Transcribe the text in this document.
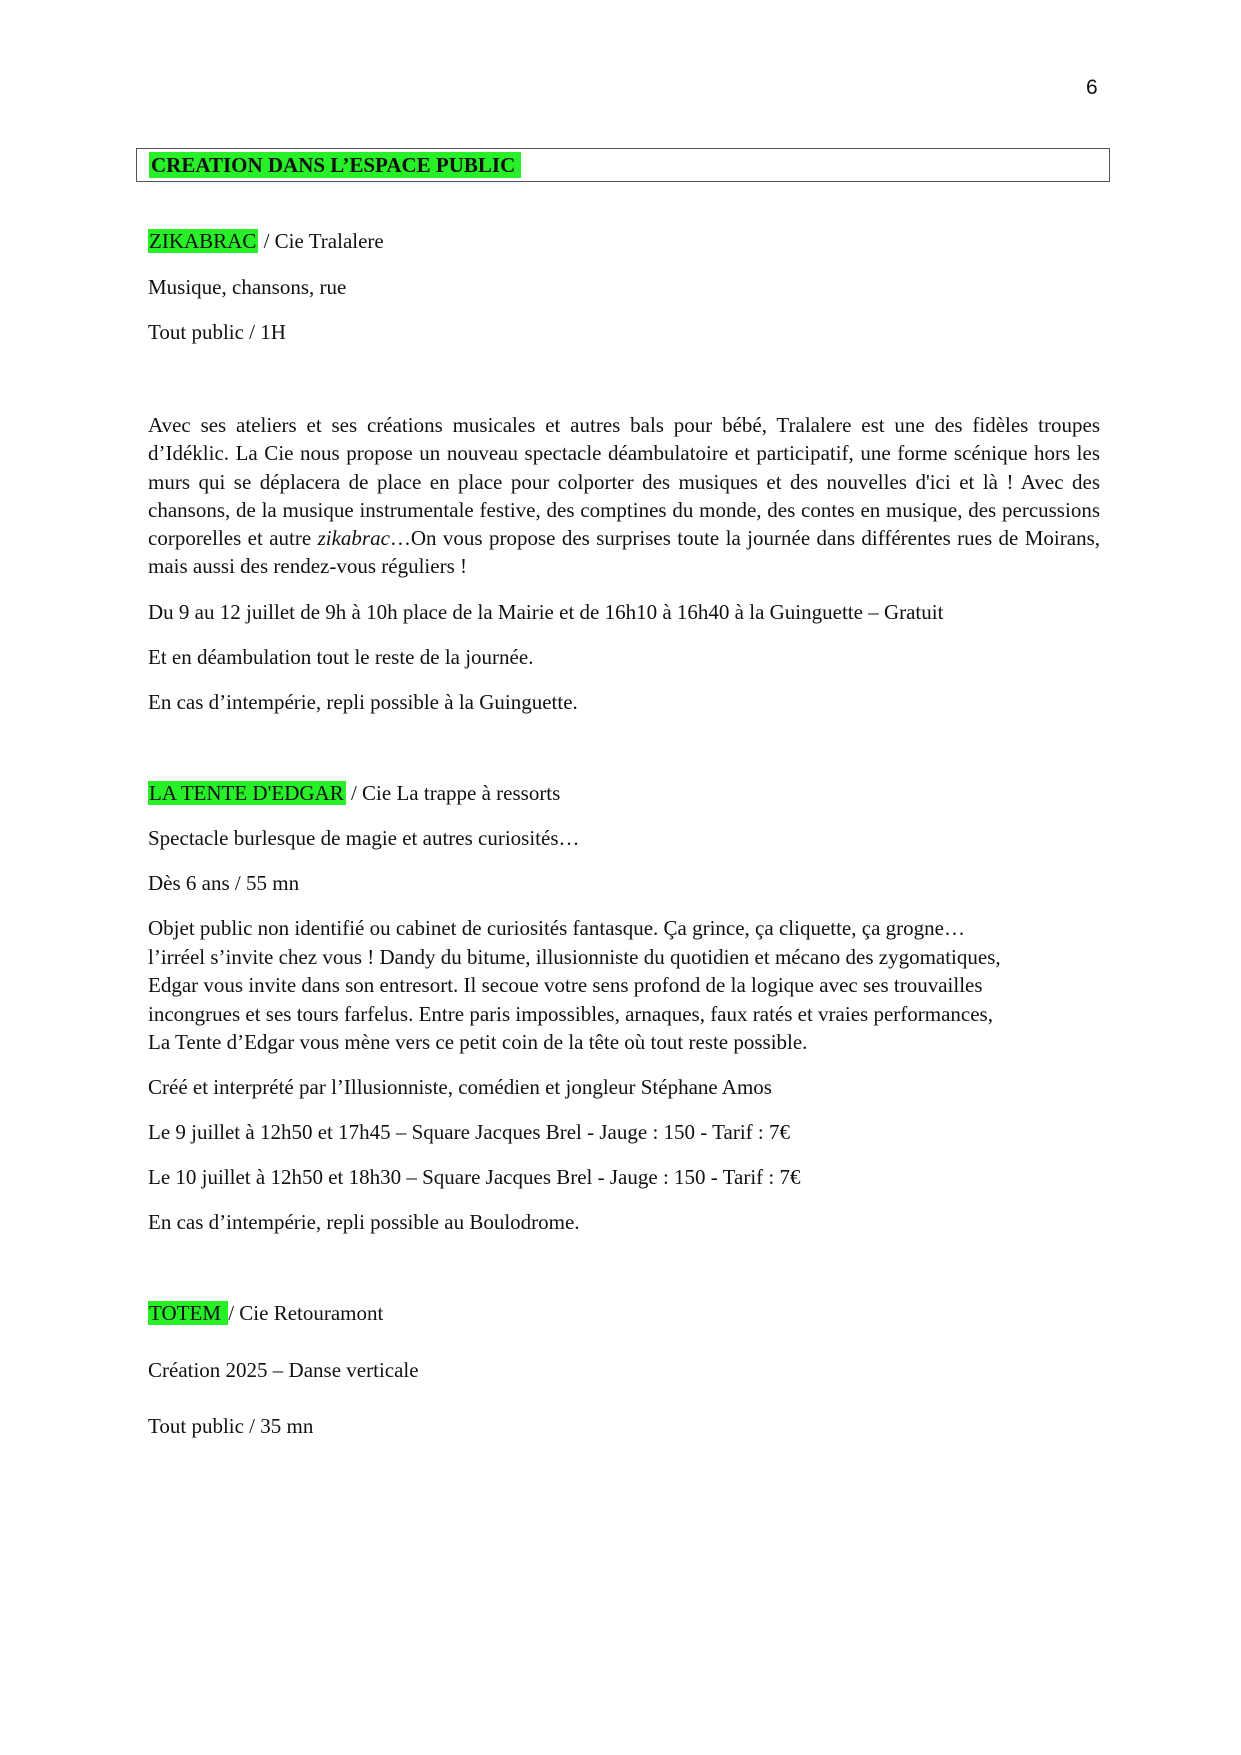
6
CREATION DANS L’ESPACE PUBLIC
ZIKABRAC / Cie Tralalere
Musique, chansons, rue
Tout public / 1H
Avec ses ateliers et ses créations musicales et autres bals pour bébé, Tralalere est une des fidèles troupes d’Idéklic. La Cie nous propose un nouveau spectacle déambulatoire et participatif, une forme scénique hors les murs qui se déplacera de place en place pour colporter des musiques et des nouvelles d'ici et là ! Avec des chansons, de la musique instrumentale festive, des comptines du monde, des contes en musique, des percussions corporelles et autre zikabrac…On vous propose des surprises toute la journée dans différentes rues de Moirans, mais aussi des rendez-vous réguliers !
Du 9 au 12 juillet de 9h à 10h place de la Mairie et de 16h10 à 16h40 à la Guinguette – Gratuit
Et en déambulation tout le reste de la journée.
En cas d’intempérie, repli possible à la Guinguette.
LA TENTE D'EDGAR / Cie La trappe à ressorts
Spectacle burlesque de magie et autres curiosités…
Dès 6 ans / 55 mn
Objet public non identifié ou cabinet de curiosités fantasque. Ça grince, ça cliquette, ça grogne…
l’irréel s’invite chez vous ! Dandy du bitume, illusionniste du quotidien et mécano des zygomatiques,
Edgar vous invite dans son entresort. Il secoue votre sens profond de la logique avec ses trouvailles
incongrues et ses tours farfelus. Entre paris impossibles, arnaques, faux ratés et vraies performances,
La Tente d’Edgar vous mène vers ce petit coin de la tête où tout reste possible.
Créé et interprété par l’Illusionniste, comédien et jongleur Stéphane Amos
Le 9 juillet à 12h50 et 17h45 – Square Jacques Brel - Jauge : 150 - Tarif : 7€
Le 10 juillet à 12h50 et 18h30 – Square Jacques Brel - Jauge : 150 - Tarif : 7€
En cas d’intempérie, repli possible au Boulodrome.
TOTEM / Cie Retouramont
Création 2025 – Danse verticale
Tout public / 35 mn
